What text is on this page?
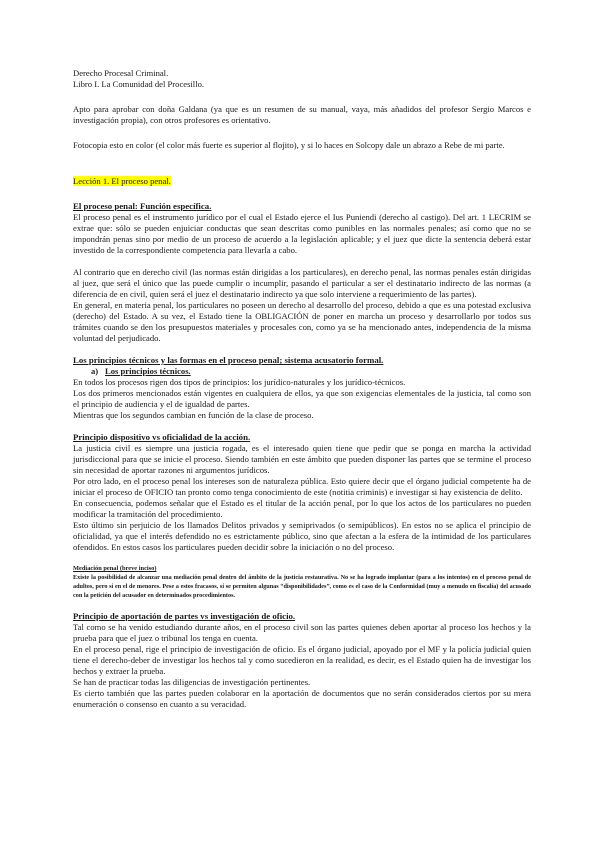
Derecho Procesal Criminal.

Libro I. La Comunidad del Procesillo.

Apto para aprobar con doña Galdana (ya que es un resumen de su manual, vaya, más añadidos del profesor Sergio Marcos e investigación propia), con otros profesores es orientativo.

Fotocopia esto en color (el color más fuerte es superior al flojito), y si lo haces en Solcopy dale un abrazo a Rebe de mi parte.

Lección 1. El proceso penal.

El proceso penal: Función específica.

El proceso penal es el instrumento jurídico por el cual el Estado ejerce el Ius Puniendi (derecho al castigo). Del art. 1 LECRIM se extrae que: sólo se pueden enjuiciar conductas que sean descritas como punibles en las normales penales; así como que no se impondrán penas sino por medio de un proceso de acuerdo a la legislación aplicable; y el juez que dicte la sentencia deberá estar investido de la correspondiente competencia para llevarla a cabo.

Al contrario que en derecho civil (las normas están dirigidas a los particulares), en derecho penal, las normas penales están dirigidas al juez, que será el único que las puede cumplir o incumplir, pasando el particular a ser el destinatario indirecto de las normas (a diferencia de en civil, quien será el juez el destinatario indirecto ya que solo interviene a requerimiento de las partes).

En general, en materia penal, los particulares no poseen un derecho al desarrollo del proceso, debido a que es una potestad exclusiva (derecho) del Estado. A su vez, el Estado tiene la OBLIGACIÓN de poner en marcha un proceso y desarrollarlo por todos sus trámites cuando se den los presupuestos materiales y procesales con, como ya se ha mencionado antes, independencia de la misma voluntad del perjudicado.

Los principios técnicos y las formas en el proceso penal; sistema acusatorio formal.

a) Los principios técnicos.

En todos los procesos rigen dos tipos de principios: los jurídico-naturales y los jurídico-técnicos.

Los dos primeros mencionados están vigentes en cualquiera de ellos, ya que son exigencias elementales de la justicia, tal como son el principio de audiencia y el de igualdad de partes.

Mientras que los segundos cambian en función de la clase de proceso.

Principio dispositivo vs oficialidad de la acción.

La justicia civil es siempre una justicia rogada, es el interesado quien tiene que pedir que se ponga en marcha la actividad jurisdiccional para que se inicie el proceso. Siendo también en este ámbito que pueden disponer las partes que se termine el proceso sin necesidad de aportar razones ni argumentos jurídicos.

Por otro lado, en el proceso penal los intereses son de naturaleza pública. Esto quiere decir que el órgano judicial competente ha de iniciar el proceso de OFICIO tan pronto como tenga conocimiento de este (notitia criminis) e investigar si hay existencia de delito.

En consecuencia, podemos señalar que el Estado es el titular de la acción penal, por lo que los actos de los particulares no pueden modificar la tramitación del procedimiento.

Esto último sin perjuicio de los llamados Delitos privados y semiprivados (o semipúblicos). En estos no se aplica el principio de oficialidad, ya que el interés defendido no es estrictamente público, sino que afectan a la esfera de la intimidad de los particulares ofendidos. En estos casos los particulares pueden decidir sobre la iniciación o no del proceso.

Mediación penal (breve inciso)

Existe la posibilidad de alcanzar una mediación penal dentro del ámbito de la justicia restaurativa. No se ha logrado implantar (para a los intentos) en el proceso penal de adultos, pero sí en el de menores. Pese a estos fracasos, sí se permiten algunas “disponibilidades”, como es el caso de la Conformidad (muy a menudo en fiscalía) del acusado con la petición del acusador en determinados procedimientos.

Principio de aportación de partes vs investigación de oficio.

Tal como se ha venido estudiando durante años, en el proceso civil son las partes quienes deben aportar al proceso los hechos y la prueba para que el juez o tribunal los tenga en cuenta.

En el proceso penal, rige el principio de investigación de oficio. Es el órgano judicial, apoyado por el MF y la policía judicial quien tiene el derecho-deber de investigar los hechos tal y como sucedieron en la realidad, es decir, es el Estado quien ha de investigar los hechos y extraer la prueba.

Se han de practicar todas las diligencias de investigación pertinentes.

Es cierto también que las partes pueden colaborar en la aportación de documentos que no serán considerados ciertos por su mera enumeración o consenso en cuanto a su veracidad.
